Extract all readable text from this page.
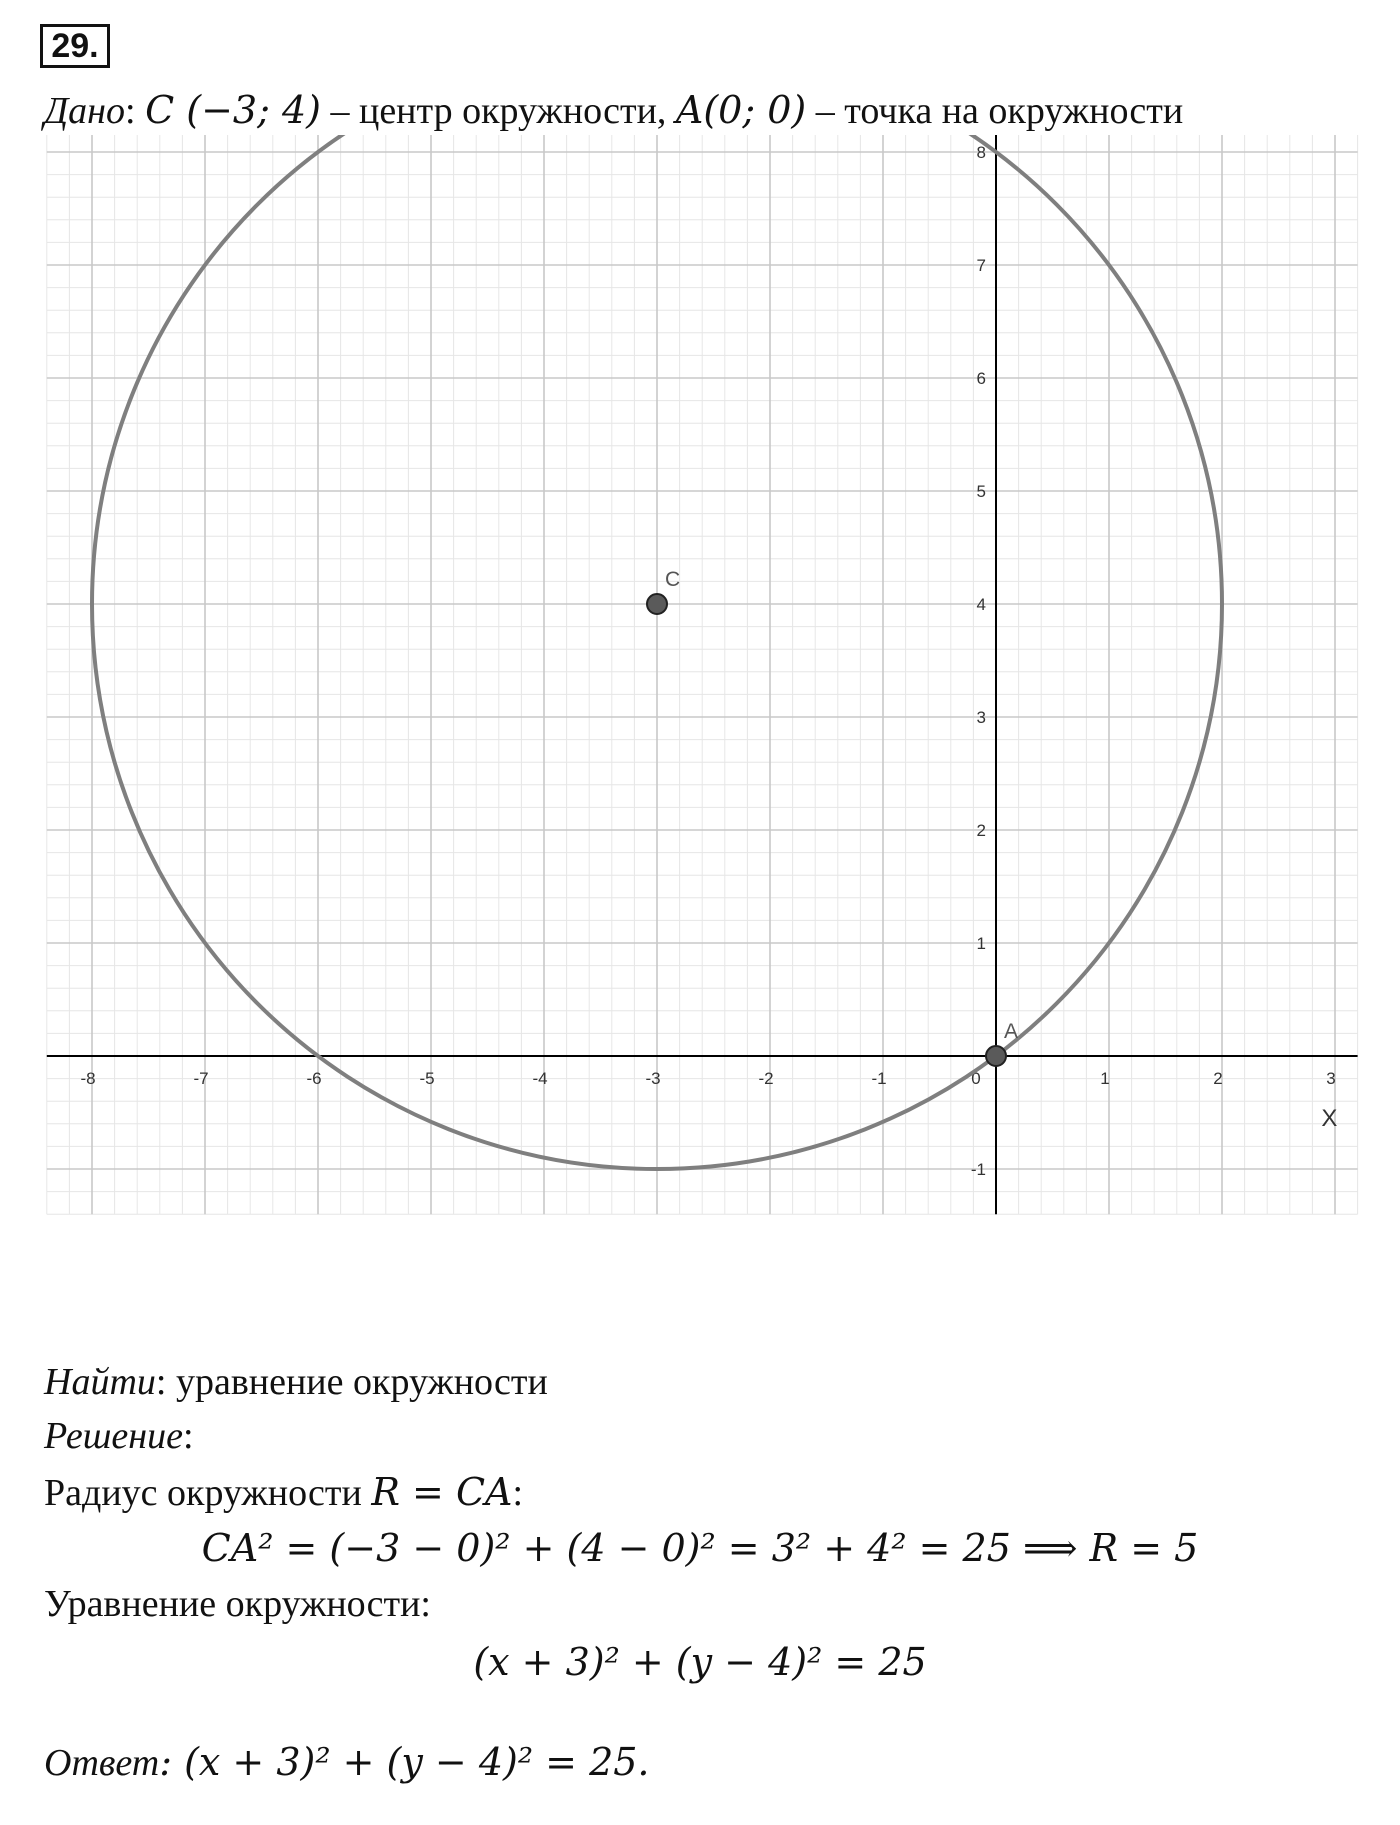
29.
Дано: C (−3; 4) – центр окружности, A(0; 0) – точка на окружности
-8	-7	-6	-5	-4	-3	-2	-1	0	1	2	3
-1
1
2
3
4
5
6
7
8
X
C
A
Найти: уравнение окружности
Решение:
Радиус окружности R = CA:
CA² = (−3 − 0)² + (4 − 0)² = 3² + 4² = 25 ⟹ R = 5
Уравнение окружности:
(x + 3)² + (y − 4)² = 25
Ответ: (x + 3)² + (y − 4)² = 25.
